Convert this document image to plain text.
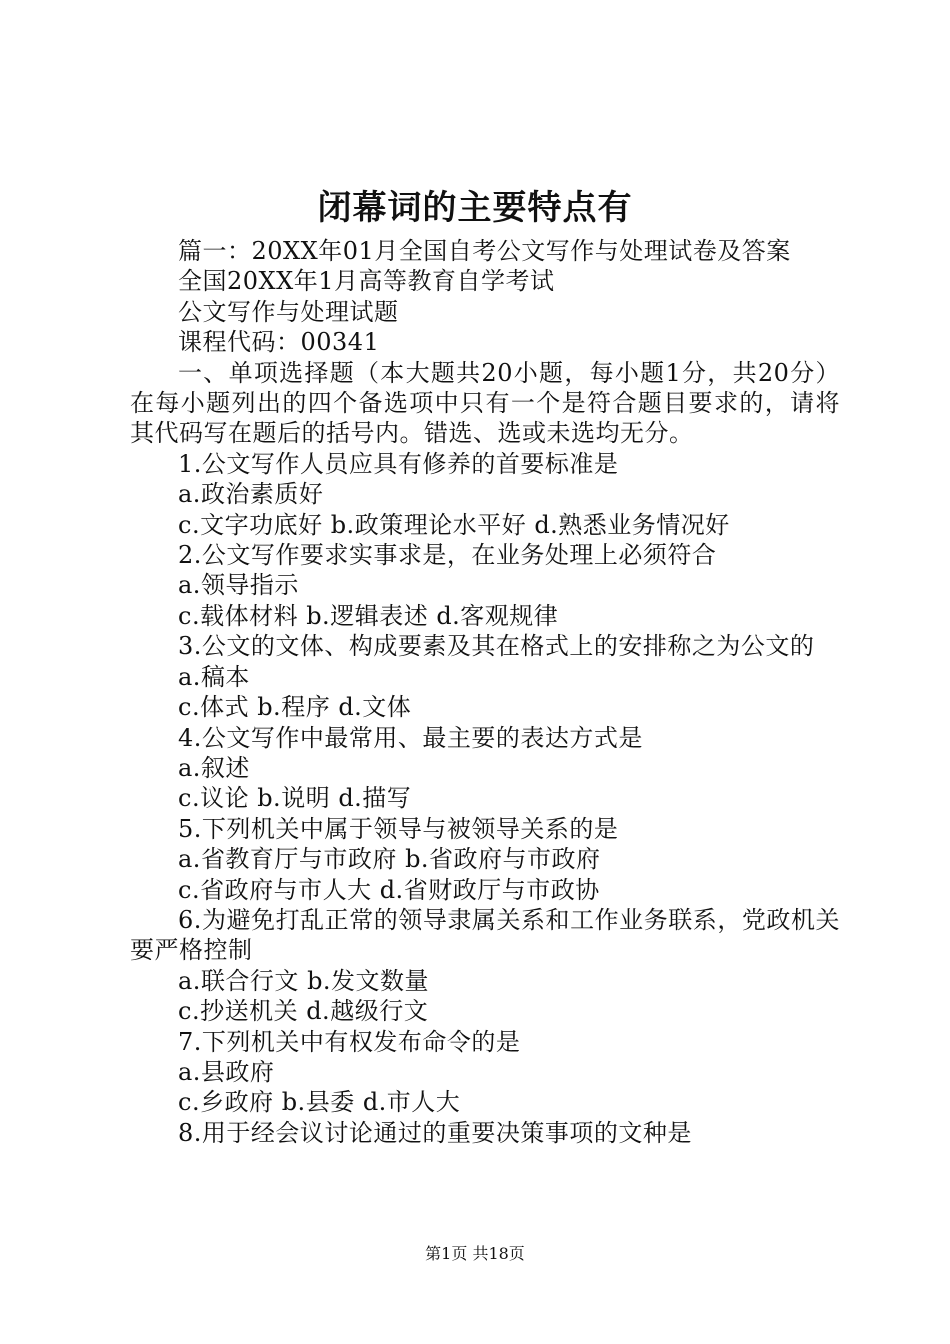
闭幕词的主要特点有
篇一：20XX年01月全国自考公文写作与处理试卷及答案
全国20XX年1月高等教育自学考试
公文写作与处理试题
课程代码：00341
一、单项选择题（本大题共20小题，每小题1分，共20分）在每小题列出的四个备选项中只有一个是符合题目要求的，请将其代码写在题后的括号内。错选、选或未选均无分。
1.公文写作人员应具有修养的首要标准是
a.政治素质好
c.文字功底好 b.政策理论水平好 d.熟悉业务情况好
2.公文写作要求实事求是，在业务处理上必须符合
a.领导指示
c.载体材料 b.逻辑表述 d.客观规律
3.公文的文体、构成要素及其在格式上的安排称之为公文的
a.稿本
c.体式 b.程序 d.文体
4.公文写作中最常用、最主要的表达方式是
a.叙述
c.议论 b.说明 d.描写
5.下列机关中属于领导与被领导关系的是
a.省教育厅与市政府 b.省政府与市政府
c.省政府与市人大 d.省财政厅与市政协
6.为避免打乱正常的领导隶属关系和工作业务联系，党政机关要严格控制
a.联合行文 b.发文数量
c.抄送机关 d.越级行文
7.下列机关中有权发布命令的是
a.县政府
c.乡政府 b.县委 d.市人大
8.用于经会议讨论通过的重要决策事项的文种是
第1页 共18页
